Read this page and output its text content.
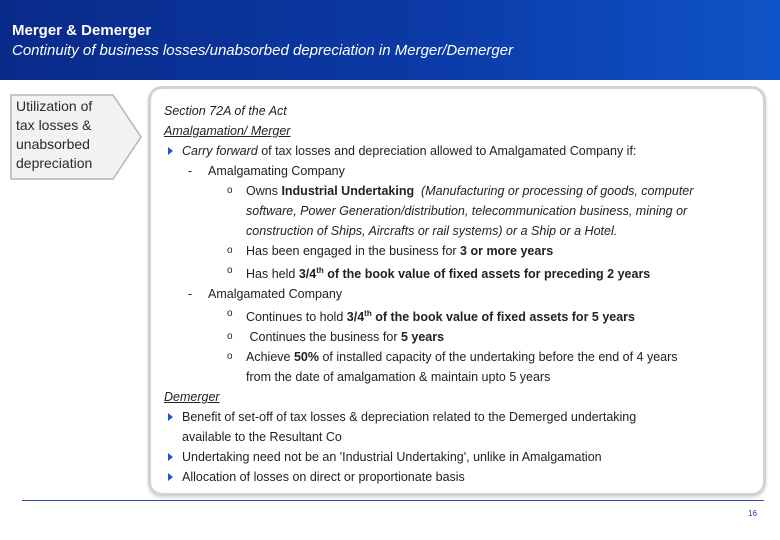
Merger & Demerger
Continuity of business losses/unabsorbed depreciation in Merger/Demerger
Utilization of
tax losses &
unabsorbed
depreciation
Section 72A of the Act
Amalgamation/ Merger
Carry forward of tax losses and depreciation allowed to Amalgamated Company if:
- Amalgamating Company
o Owns Industrial Undertaking (Manufacturing or processing of goods, computer
software, Power Generation/distribution, telecommunication business, mining or
construction of Ships, Aircrafts or rail systems) or a Ship or a Hotel.
o Has been engaged in the business for 3 or more years
o Has held 3/4th of the book value of fixed assets for preceding 2 years
- Amalgamated Company
o Continues to hold 3/4th of the book value of fixed assets for 5 years
o Continues the business for 5 years
o Achieve 50% of installed capacity of the undertaking before the end of 4 years
from the date of amalgamation & maintain upto 5 years
Demerger
Benefit of set-off of tax losses & depreciation related to the Demerged undertaking
available to the Resultant Co
Undertaking need not be an 'Industrial Undertaking', unlike in Amalgamation
Allocation of losses on direct or proportionate basis
16
